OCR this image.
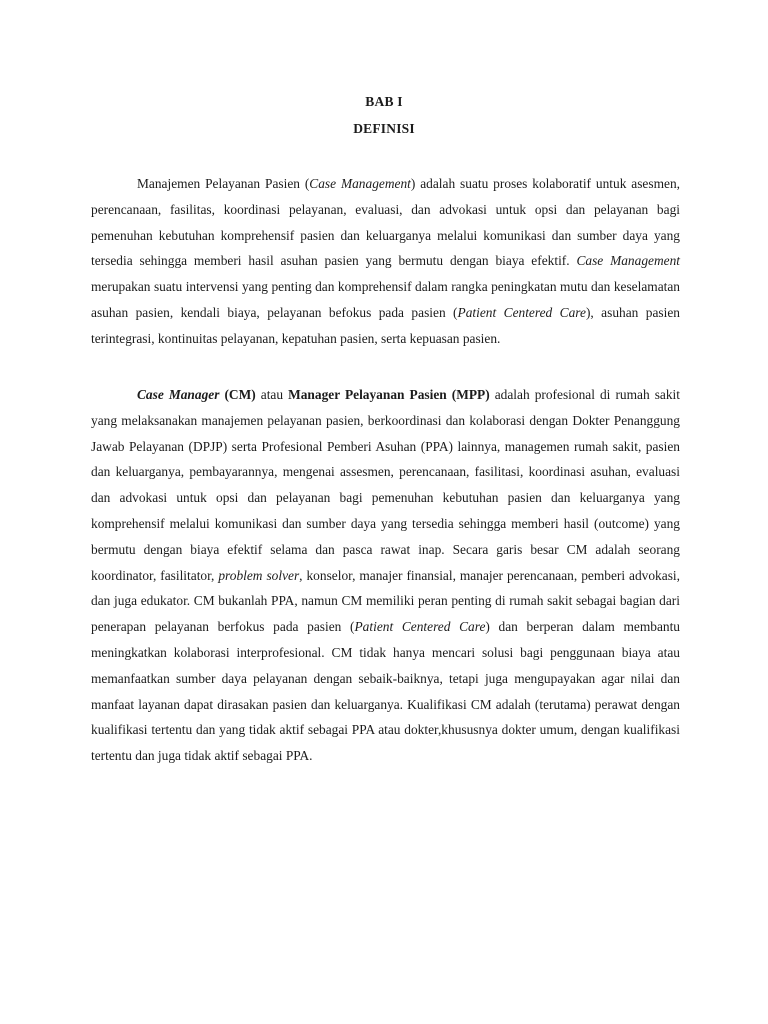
BAB I
DEFINISI

Manajemen Pelayanan Pasien (Case Management) adalah suatu proses kolaboratif untuk asesmen, perencanaan, fasilitas, koordinasi pelayanan, evaluasi, dan advokasi untuk opsi dan pelayanan bagi pemenuhan kebutuhan komprehensif pasien dan keluarganya melalui komunikasi dan sumber daya yang tersedia sehingga memberi hasil asuhan pasien yang bermutu dengan biaya efektif. Case Management merupakan suatu intervensi yang penting dan komprehensif dalam rangka peningkatan mutu dan keselamatan asuhan pasien, kendali biaya, pelayanan befokus pada pasien (Patient Centered Care), asuhan pasien terintegrasi, kontinuitas pelayanan, kepatuhan pasien, serta kepuasan pasien.

Case Manager (CM) atau Manager Pelayanan Pasien (MPP) adalah profesional di rumah sakit yang melaksanakan manajemen pelayanan pasien, berkoordinasi dan kolaborasi dengan Dokter Penanggung Jawab Pelayanan (DPJP) serta Profesional Pemberi Asuhan (PPA) lainnya, managemen rumah sakit, pasien dan keluarganya, pembayarannya, mengenai assesmen, perencanaan, fasilitasi, koordinasi asuhan, evaluasi dan advokasi untuk opsi dan pelayanan bagi pemenuhan kebutuhan pasien dan keluarganya yang komprehensif melalui komunikasi dan sumber daya yang tersedia sehingga memberi hasil (outcome) yang bermutu dengan biaya efektif selama dan pasca rawat inap. Secara garis besar CM adalah seorang koordinator, fasilitator, problem solver, konselor, manajer finansial, manajer perencanaan, pemberi advokasi, dan juga edukator. CM bukanlah PPA, namun CM memiliki peran penting di rumah sakit sebagai bagian dari penerapan pelayanan berfokus pada pasien (Patient Centered Care) dan berperan dalam membantu meningkatkan kolaborasi interprofesional. CM tidak hanya mencari solusi bagi penggunaan biaya atau memanfaatkan sumber daya pelayanan dengan sebaik-baiknya, tetapi juga mengupayakan agar nilai dan manfaat layanan dapat dirasakan pasien dan keluarganya. Kualifikasi CM adalah (terutama) perawat dengan kualifikasi tertentu dan yang tidak aktif sebagai PPA atau dokter,khususnya dokter umum, dengan kualifikasi tertentu dan juga tidak aktif sebagai PPA.
